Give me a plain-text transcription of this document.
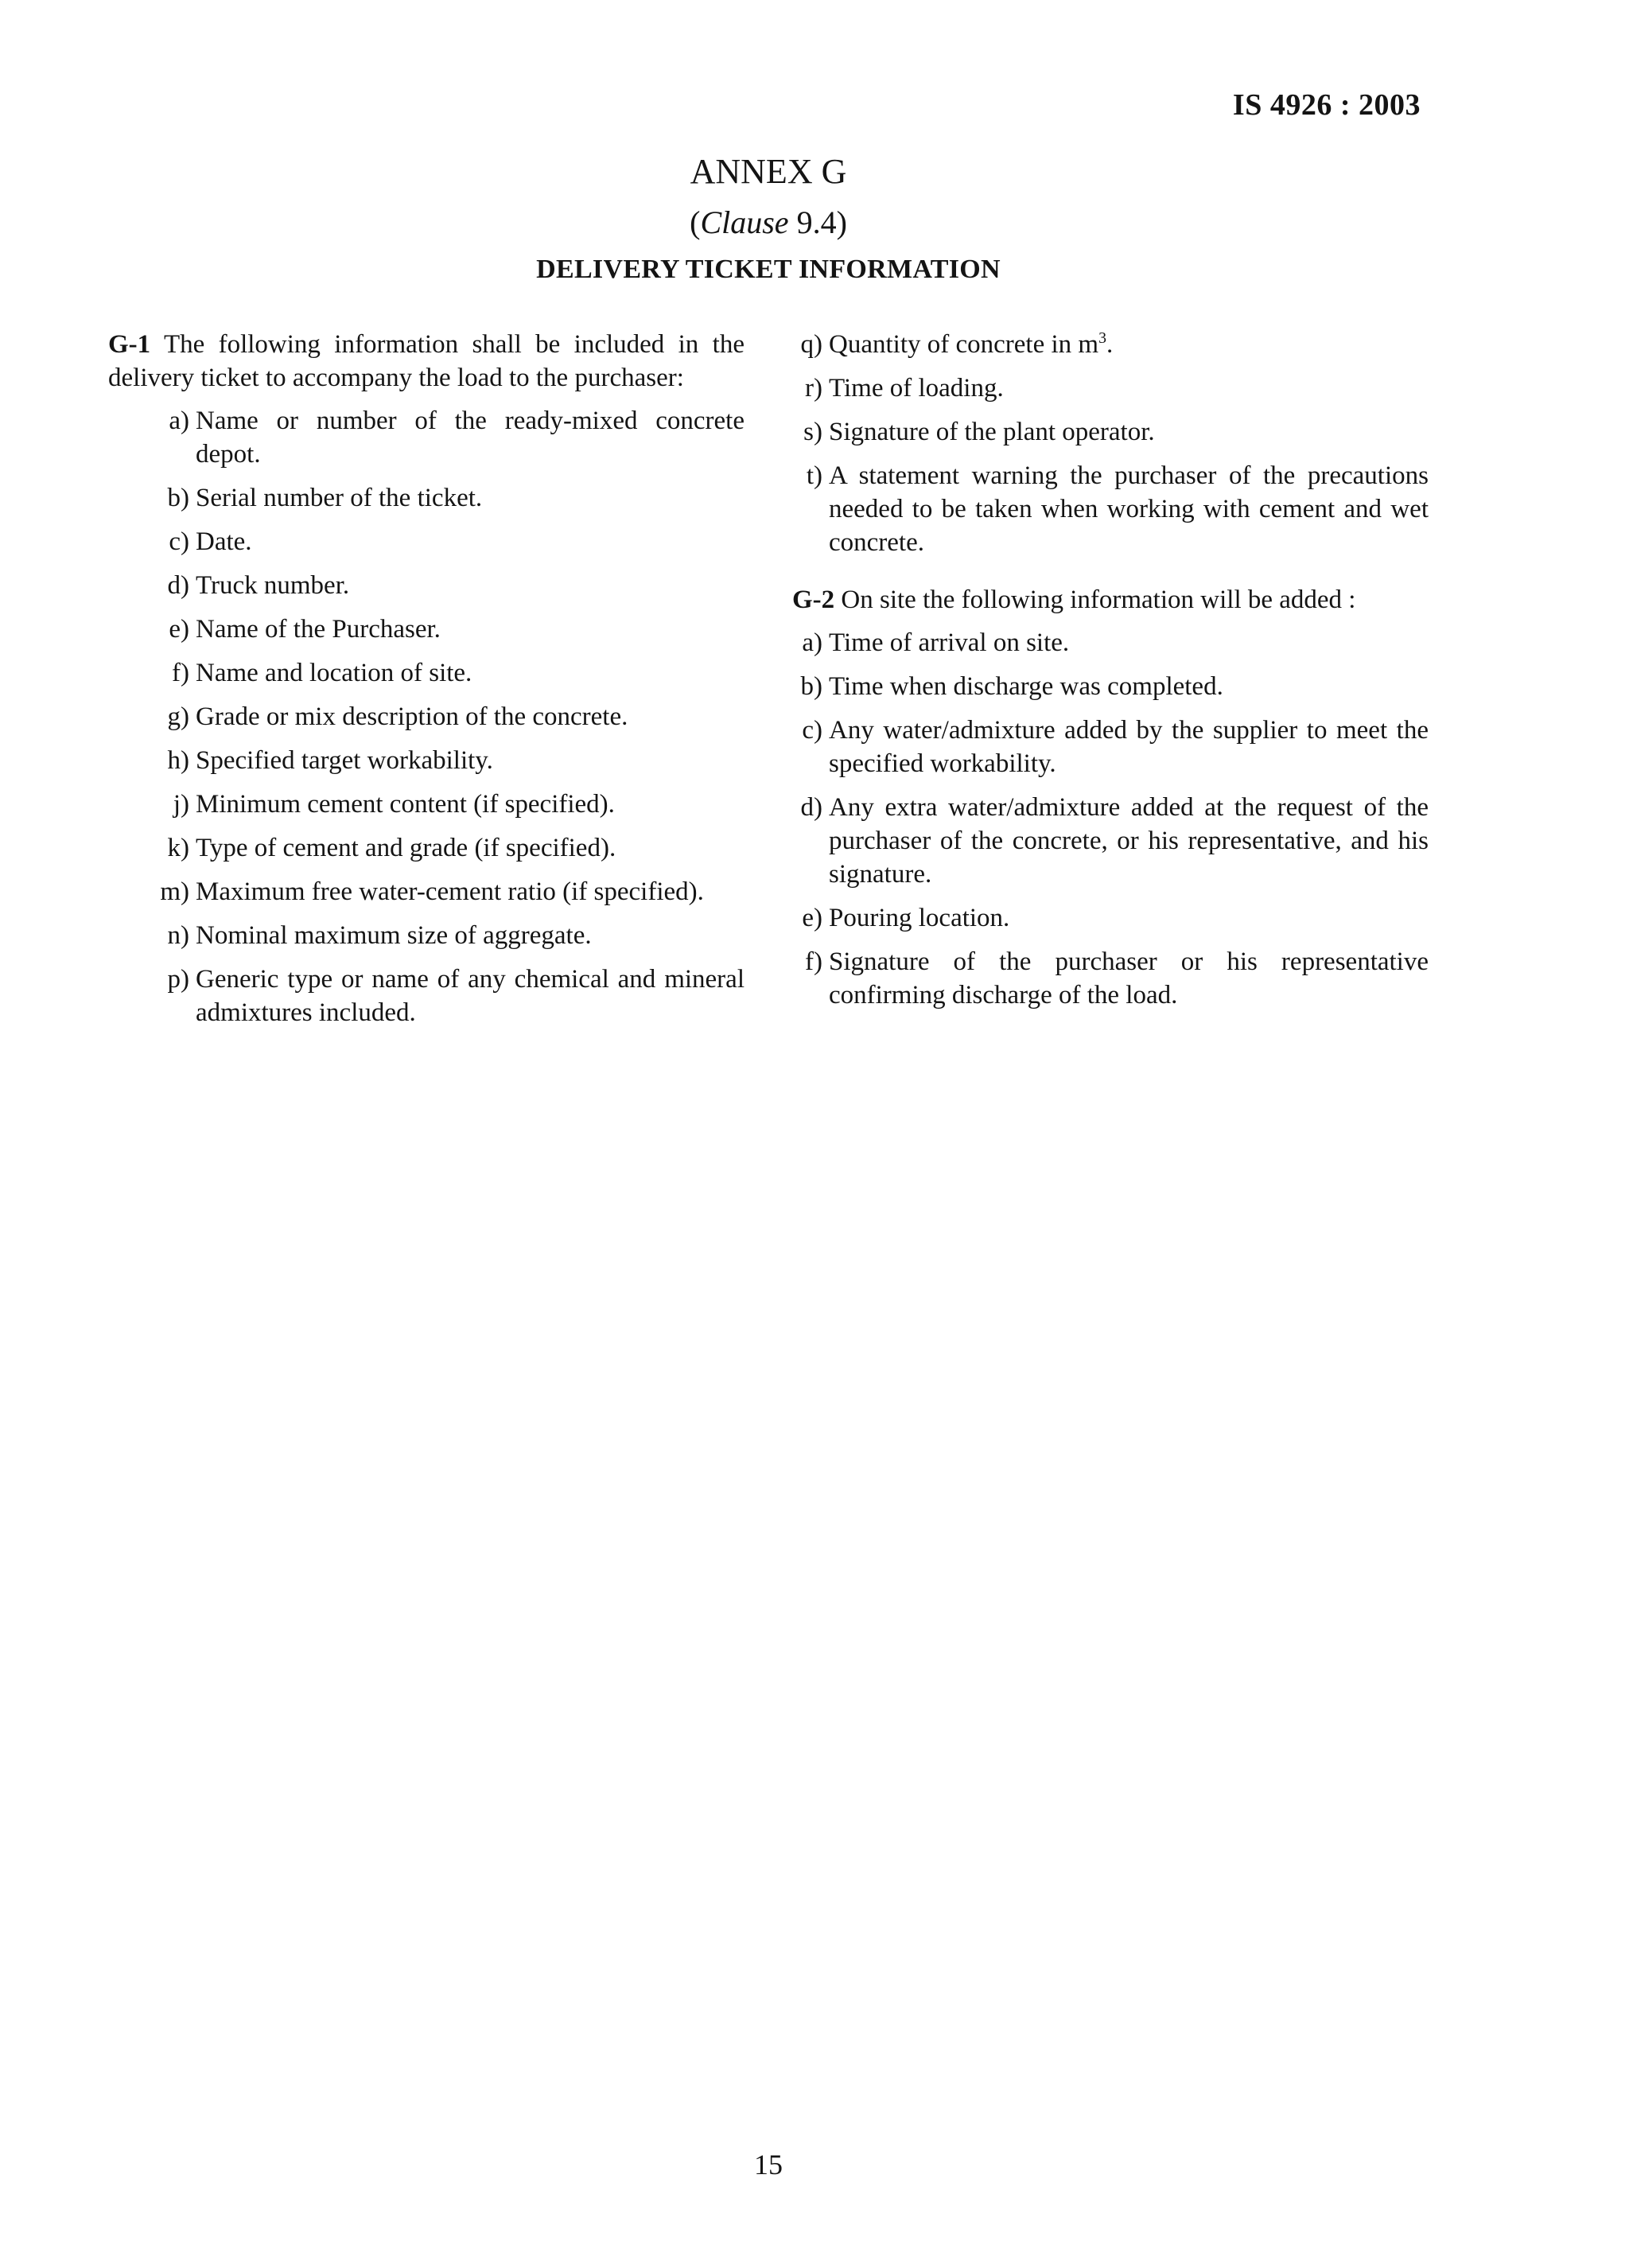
IS 4926 : 2003
ANNEX G
(Clause 9.4)
DELIVERY TICKET INFORMATION

G-1 The following information shall be included in the delivery ticket to accompany the load to the purchaser:

a) Name or number of the ready-mixed concrete depot.
b) Serial number of the ticket.
c) Date.
d) Truck number.
e) Name of the Purchaser.
f) Name and location of site.
g) Grade or mix description of the concrete.
h) Specified target workability.
j) Minimum cement content (if specified).
k) Type of cement and grade (if specified).
m) Maximum free water-cement ratio (if specified).
n) Nominal maximum size of aggregate.
p) Generic type or name of any chemical and mineral admixtures included.
q) Quantity of concrete in $m^3$.
r) Time of loading.
s) Signature of the plant operator.
t) A statement warning the purchaser of the precautions needed to be taken when working with cement and wet concrete.

G-2 On site the following information will be added :

a) Time of arrival on site.
b) Time when discharge was completed.
c) Any water/admixture added by the supplier to meet the specified workability.
d) Any extra water/admixture added at the request of the purchaser of the concrete, or his representative, and his signature.
e) Pouring location.
f) Signature of the purchaser or his representative confirming discharge of the load.
15
